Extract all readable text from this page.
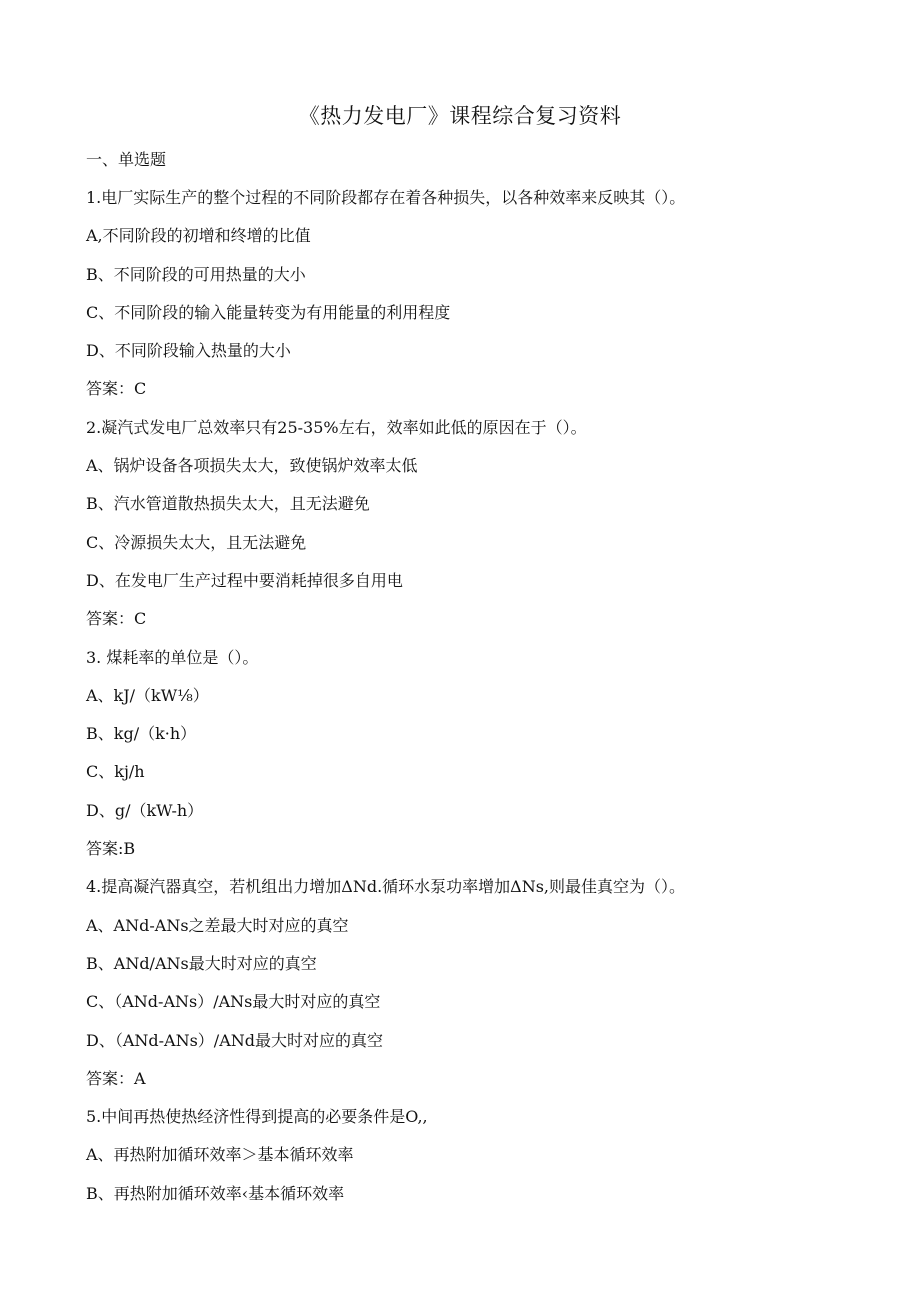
《热力发电厂》课程综合复习资料
一、单选题
1.电厂实际生产的整个过程的不同阶段都存在着各种损失，以各种效率来反映其（）。
A,不同阶段的初增和终增的比值
B、不同阶段的可用热量的大小
C、不同阶段的输入能量转变为有用能量的利用程度
D、不同阶段输入热量的大小
答案：C
2.凝汽式发电厂总效率只有25-35%左右，效率如此低的原因在于（）。
A、锅炉设备各项损失太大，致使锅炉效率太低
B、汽水管道散热损失太大，且无法避免
C、冷源损失太大，且无法避免
D、在发电厂生产过程中要消耗掉很多自用电
答案：C
3. 煤耗率的单位是（）。
A、kJ∕（kW⅛）
B、kg∕（k·h）
C、kj/h
D、g∕（kW-h）
答案:B
4.提高凝汽器真空，若机组出力增加ΔNd.循环水泵功率增加ΔNs,则最佳真空为（）。
A、ANd-ANs之差最大时对应的真空
B、ANd/ANs最大时对应的真空
C、（ANd-ANs）/ANs最大时对应的真空
D、（ANd-ANs）/ANd最大时对应的真空
答案：A
5.中间再热使热经济性得到提高的必要条件是O,,
A、再热附加循环效率＞基本循环效率
B、再热附加循环效率‹基本循环效率
